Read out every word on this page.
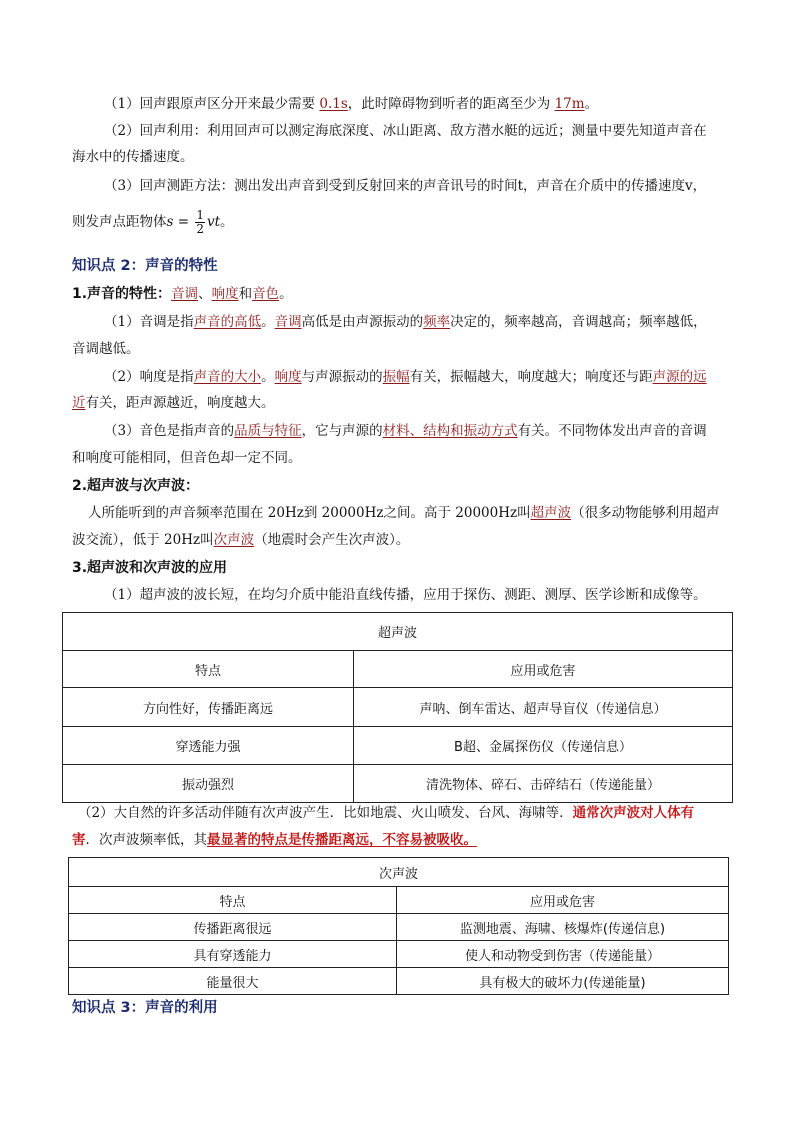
（1）回声跟原声区分开来最少需要 0.1s，此时障碍物到听者的距离至少为 17m。
（2）回声利用：利用回声可以测定海底深度、冰山距离、敌方潜水艇的远近；测量中要先知道声音在
海水中的传播速度。
（3）回声测距方法：测出发出声音到受到反射回来的声音讯号的时间t，声音在介质中的传播速度v，
则发声点距物体$s = \frac{1}{2}$ vt。
知识点 2：声音的特性
1.声音的特性：音调、响度和音色。
（1）音调是指声音的高低。音调高低是由声源振动的频率决定的，频率越高，音调越高；频率越低，
音调越低。
（2）响度是指声音的大小。响度与声源振动的振幅有关，振幅越大，响度越大；响度还与距声源的远
近有关，距声源越近，响度越大。
（3）音色是指声音的品质与特征，它与声源的材料、结构和振动方式有关。不同物体发出声音的音调
和响度可能相同，但音色却一定不同。
2.超声波与次声波：
人所能听到的声音频率范围在 20Hz到 20000Hz之间。高于 20000Hz叫超声波（很多动物能够利用超声
波交流），低于 20Hz叫次声波（地震时会产生次声波）。
3.超声波和次声波的应用
（1）超声波的波长短，在均匀介质中能沿直线传播，应用于探伤、测距、测厚、医学诊断和成像等。
超声波	
特点	应用或危害
方向性好，传播距离远	声呐、倒车雷达、超声导盲仪（传递信息）
穿透能力强	B超、金属探伤仪（传递信息）
振动强烈	清洗物体、碎石、击碎结石（传递能量）
（2）大自然的许多活动伴随有次声波产生．比如地震、火山喷发、台风、海啸等．通常次声波对人体有
害．次声波频率低，其最显著的特点是传播距离远，不容易被吸收。
次声波	
特点	应用或危害
传播距离很远	监测地震、海啸、核爆炸(传递信息)
具有穿透能力	使人和动物受到伤害（传递能量）
能量很大	具有极大的破坏力(传递能量)
知识点 3：声音的利用
